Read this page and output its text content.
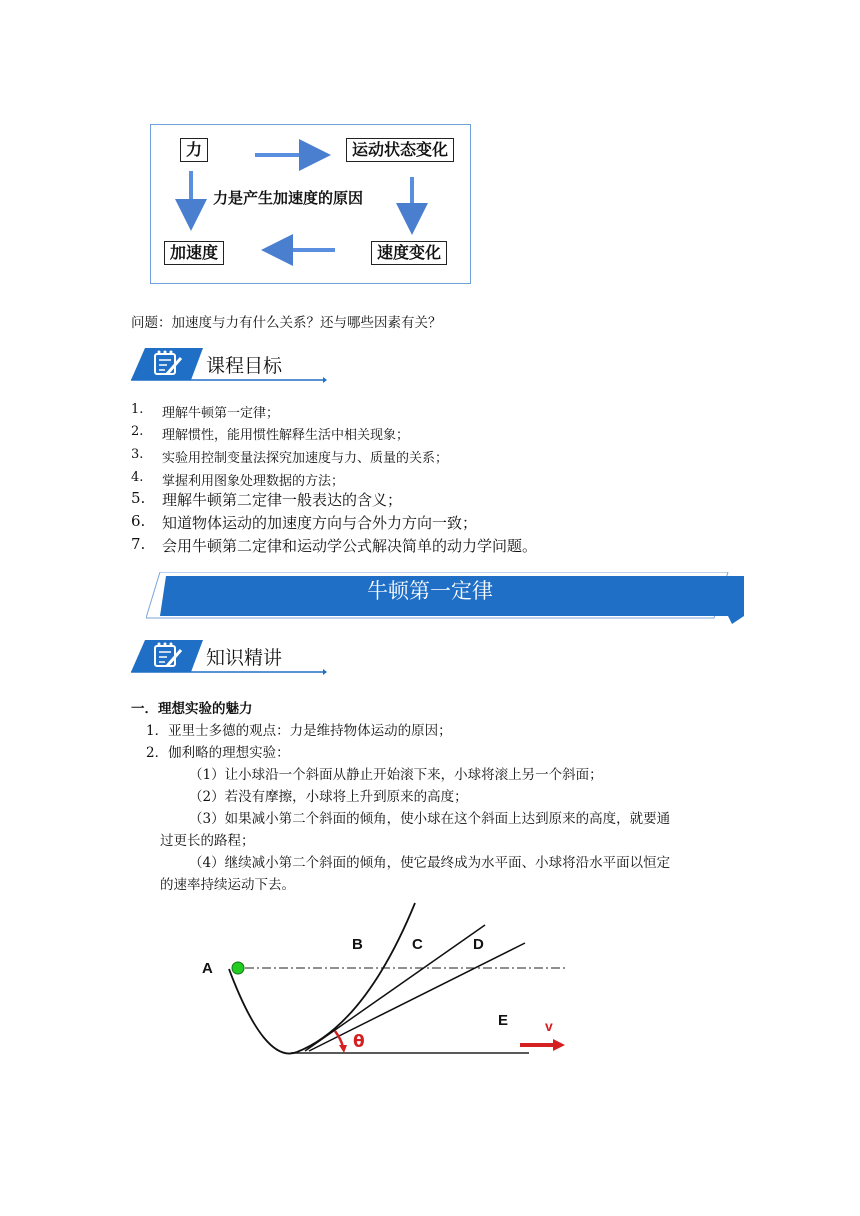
力	运动状态变化
力是产生加速度的原因
加速度	速度变化
问题：加速度与力有什么关系？还与哪些因素有关？
课程目标
1.	理解牛顿第一定律；
2.	理解惯性，能用惯性解释生活中相关现象；
3.	实验用控制变量法探究加速度与力、质量的关系；
4.	掌握利用图象处理数据的方法；
5.	理解牛顿第二定律一般表达的含义；
6.	知道物体运动的加速度方向与合外力方向一致；
7.	会用牛顿第二定律和运动学公式解决简单的动力学问题。
牛顿第一定律
知识精讲
一．理想实验的魅力
1．亚里士多德的观点：力是维持物体运动的原因；
2．伽利略的理想实验：
（1）让小球沿一个斜面从静止开始滚下来，小球将滚上另一个斜面；
（2）若没有摩擦，小球将上升到原来的高度；
（3）如果减小第二个斜面的倾角，使小球在这个斜面上达到原来的高度，就要通
过更长的路程；
（4）继续减小第二个斜面的倾角，使它最终成为水平面、小球将沿水平面以恒定
的速率持续运动下去。
A
B	C	D
E	v
θ
